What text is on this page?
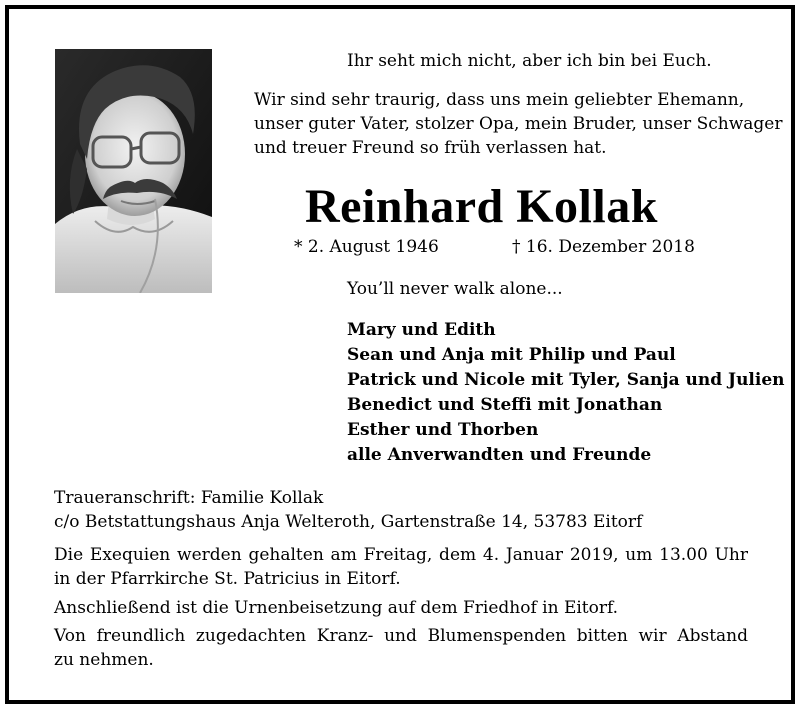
Ihr seht mich nicht, aber ich bin bei Euch.
Wir sind sehr traurig, dass uns mein geliebter Ehemann,
unser guter Vater, stolzer Opa, mein Bruder, unser Schwager
und treuer Freund so früh verlassen hat.
Reinhard Kollak
* 2. August 1946	† 16. Dezember 2018
You’ll never walk alone...
Mary und Edith
Sean und Anja mit Philip und Paul
Patrick und Nicole mit Tyler, Sanja und Julien
Benedict und Steffi mit Jonathan
Esther und Thorben
alle Anverwandten und Freunde
Traueranschrift: Familie Kollak
c/o Betstattungshaus Anja Welteroth, Gartenstraße 14, 53783 Eitorf
Die Exequien werden gehalten am Freitag, dem 4. Januar 2019, um 13.00 Uhr
in der Pfarrkirche St. Patricius in Eitorf.
Anschließend ist die Urnenbeisetzung auf dem Friedhof in Eitorf.
Von freundlich zugedachten Kranz- und Blumenspenden bitten wir Abstand
zu nehmen.
